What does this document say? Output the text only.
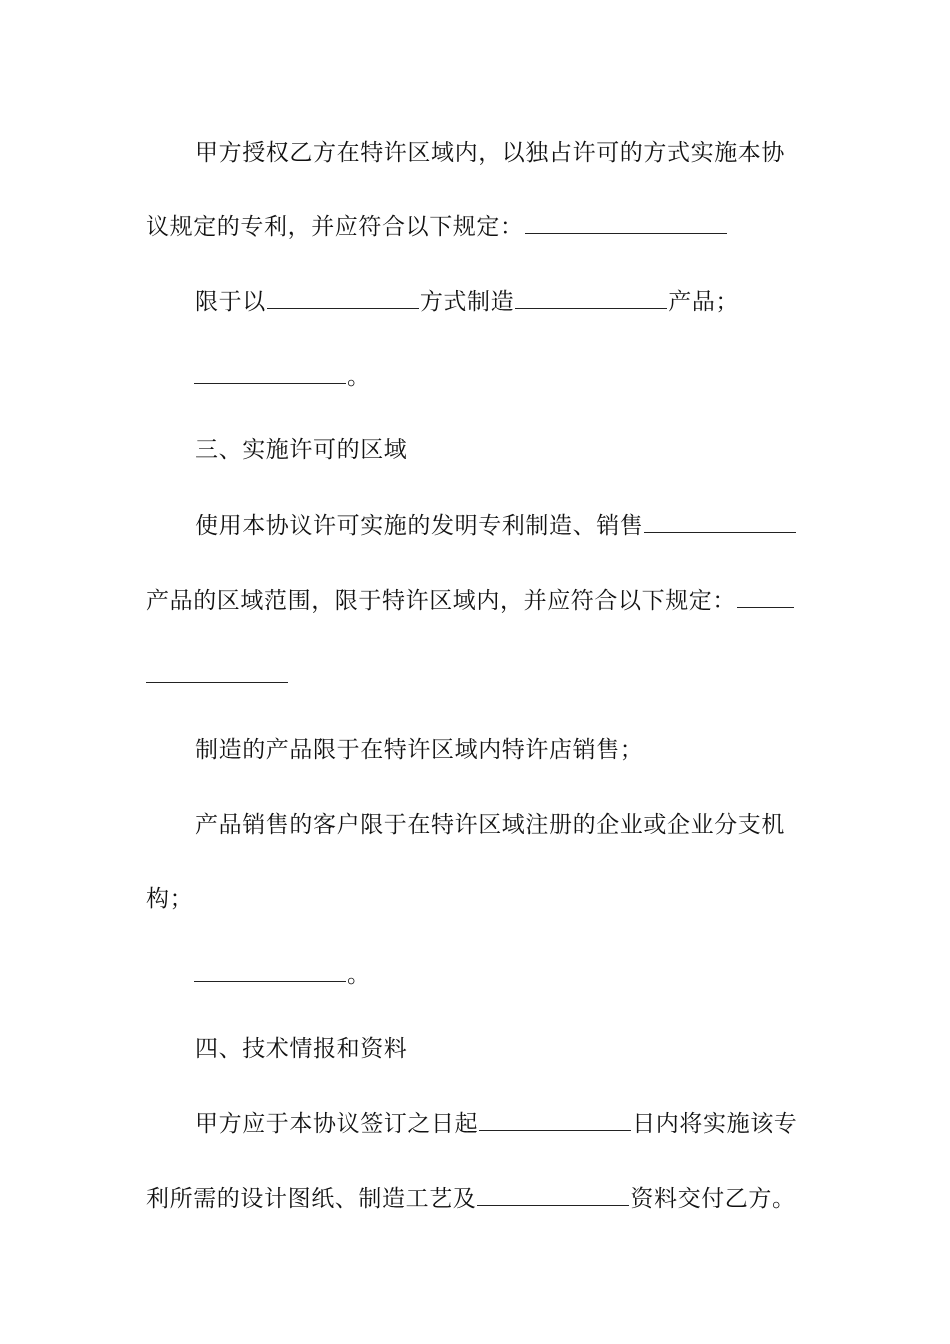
甲方授权乙方在特许区域内，以独占许可的方式实施本协
议规定的专利，并应符合以下规定：
限于以	方式制造	产品；
。
三、实施许可的区域
使用本协议许可实施的发明专利制造、销售
产品的区域范围，限于特许区域内，并应符合以下规定：
制造的产品限于在特许区域内特许店销售；
产品销售的客户限于在特许区域注册的企业或企业分支机
构；
。
四、技术情报和资料
甲方应于本协议签订之日起	日内将实施该专
利所需的设计图纸、制造工艺及	资料交付乙方。
